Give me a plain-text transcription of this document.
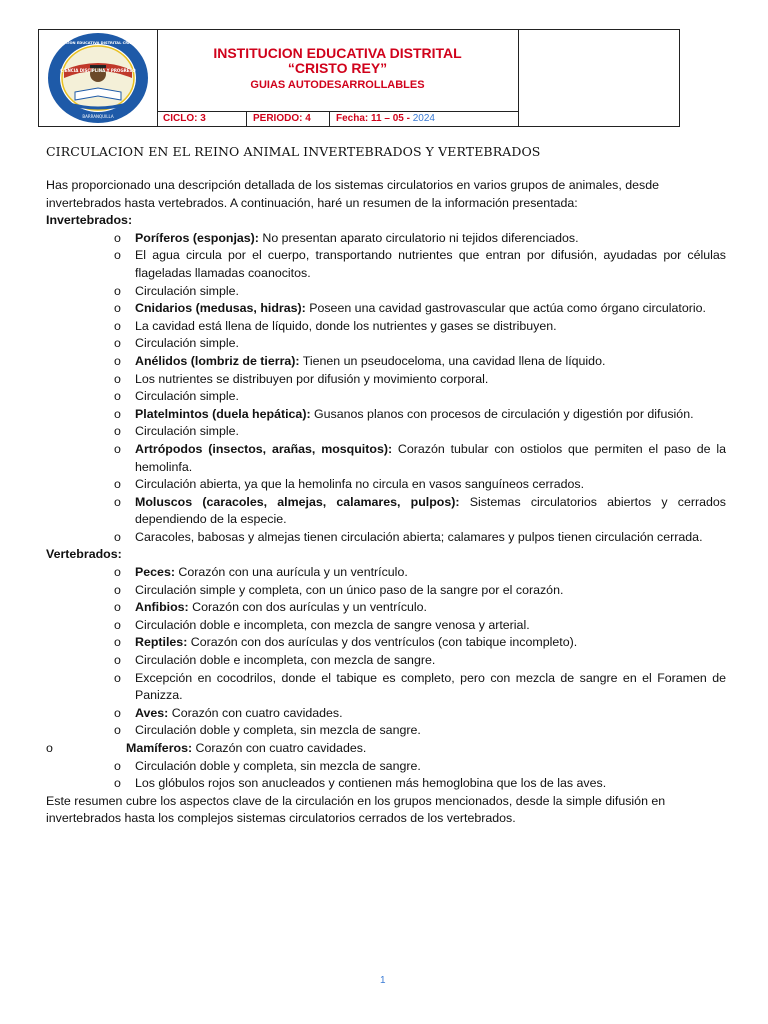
CIENCIA DISCIPLINA Y PROGRESO
INSTITUCION EDUCATIVA DISTRITAL CRISTO REY
BARRANQUILLA
INSTITUCION EDUCATIVA DISTRITAL
“CRISTO REY”
GUIAS AUTODESARROLLABLES
CICLO: 3	PERIODO: 4	Fecha: 11 – 05 - 2024
CIRCULACION EN EL REINO ANIMAL INVERTEBRADOS Y VERTEBRADOS

Has proporcionado una descripción detallada de los sistemas circulatorios en varios grupos de animales, desde invertebrados hasta vertebrados. A continuación, haré un resumen de la información presentada:

Invertebrados:

o Poríferos (esponjas): No presentan aparato circulatorio ni tejidos diferenciados.
o El agua circula por el cuerpo, transportando nutrientes que entran por difusión, ayudadas por células flageladas llamadas coanocitos.
o Circulación simple.
o Cnidarios (medusas, hidras): Poseen una cavidad gastrovascular que actúa como órgano circulatorio.
o La cavidad está llena de líquido, donde los nutrientes y gases se distribuyen.
o Circulación simple.
o Anélidos (lombriz de tierra): Tienen un pseudoceloma, una cavidad llena de líquido.
o Los nutrientes se distribuyen por difusión y movimiento corporal.
o Circulación simple.
o Platelmintos (duela hepática): Gusanos planos con procesos de circulación y digestión por difusión.
o Circulación simple.
o Artrópodos (insectos, arañas, mosquitos): Corazón tubular con ostiolos que permiten el paso de la hemolinfa.
o Circulación abierta, ya que la hemolinfa no circula en vasos sanguíneos cerrados.
o Moluscos (caracoles, almejas, calamares, pulpos): Sistemas circulatorios abiertos y cerrados dependiendo de la especie.
o Caracoles, babosas y almejas tienen circulación abierta; calamares y pulpos tienen circulación cerrada.

Vertebrados:

o Peces: Corazón con una aurícula y un ventrículo.
o Circulación simple y completa, con un único paso de la sangre por el corazón.
o Anfibios: Corazón con dos aurículas y un ventrículo.
o Circulación doble e incompleta, con mezcla de sangre venosa y arterial.
o Reptiles: Corazón con dos aurículas y dos ventrículos (con tabique incompleto).
o Circulación doble e incompleta, con mezcla de sangre.
o Excepción en cocodrilos, donde el tabique es completo, pero con mezcla de sangre en el Foramen de Panizza.
o Aves: Corazón con cuatro cavidades.
o Circulación doble y completa, sin mezcla de sangre.
o	Mamíferos: Corazón con cuatro cavidades.
o Circulación doble y completa, sin mezcla de sangre.
o Los glóbulos rojos son anucleados y contienen más hemoglobina que los de las aves.

Este resumen cubre los aspectos clave de la circulación en los grupos mencionados, desde la simple difusión en invertebrados hasta los complejos sistemas circulatorios cerrados de los vertebrados.

1
